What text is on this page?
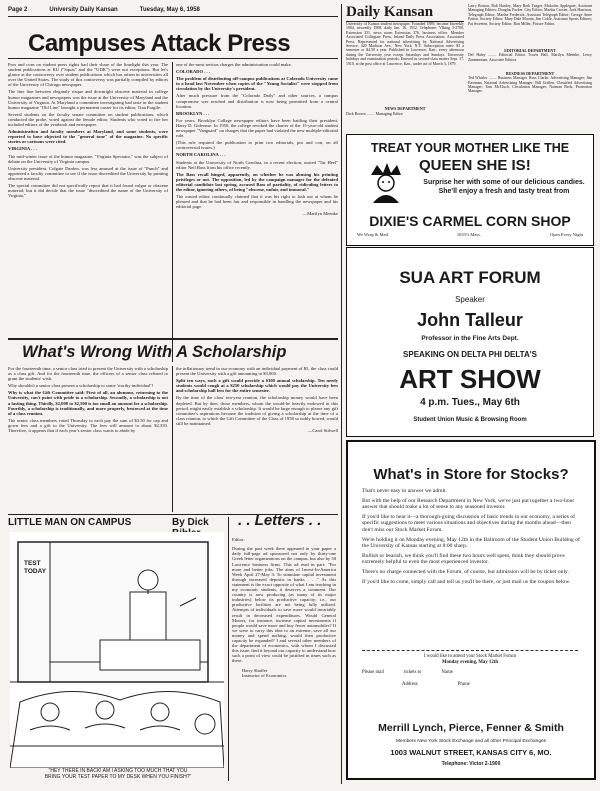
Page 2	University Daily Kansan	Tuesday, May 6, 1958
Campuses Attack Press

Pros and cons on student press rights had their share of the limelight this year. The student publications at KU ("Squat" and the "UDK") were not exceptions. But let's glance at the controversy over student publications which has arisen in universities all over the United States. The study of this controversy was partially compiled by editors of the University of Chicago newspaper.

The fine line between elegantly risque and downright obscene material in college humor magazines and newspapers was the issue at the University of Maryland and the University of Virginia. At Maryland a committee investigating bad taste in the student humor magazine "Old Line" brought a permanent ouster for its editor, Tina Fragile.

Several students on the faculty senate committee on student publications, which conducted the probe, voted against the female editor. Students who voted to fire her included editors of the yearbook and newspaper.

Administration and faculty members at Maryland, and some students, were reported to have objected to the "general tone" of the magazine. No specific stories or cartoons were cited.

VIRGINIA . . .

The mid-winter issue of the humor magazine, "Virginia Spectator," was the subject of debate on the University of Virginia campus.

University president, Colgate Darden, was less amused at the issue of "Punch" and appointed a faculty committee to see if the issue discredited the University by printing obscene material.

The special committee did not specifically report that it had found vulgar or obscene material; but it did decide that the issue "discredited the name of the University of Virginia,"

one of the most serious charges the administration could make.

COLORADO . . .

The problem of distributing off-campus publications at Colorado University came to a head last November when copies of the "Young Socialist" were stopped from circulation by the University's president.

After much pressure from the "Colorado Daily" and other sources, a campus compromise was reached and distribution is now being permitted from a central location.

BROOKLYN . . .

For years, Brooklyn College newspaper editors have been battling their president, Harry D. Gideonse. In 1950, the college revoked the charter of the 15-year-old student newspaper "Vanguard" on charges that the paper had violated the new multiple-editorial rule.

(This rule required the publication to print two editorials, pro and con, on all controversial issues.)

NORTH CAROLINA . . .

Students at the University of North Carolina, in a recent election, ousted "Tar Heel" editor Neil Bass from his office recently.

The Bass recall hinged, apparently, on whether he was abusing his printing privileges or not. The opposition, led by the campaign manager for the defeated editorial candidate last spring, accused Bass of partiality, of ridiculing letters to the editor, ignoring others, of being "obscene, unfair, and immoral."

The ousted editor continually claimed that it was his right to lash out at whom he pleased and that he had been fair and responsible in handling the newspaper and his editorial page.

—Marilyn Meenke

Daily Kansan
University of Kansas student newspaper. Founded 1889, became biweekly 1904, triweekly 1908, daily Jan. 16, 1912. Telephone: VIking 3-2700, Extension 351, news room Extension 376, business office. Member Associated Collegiate Press, Inland Daily Press Association, Associated Press. Represented for national advertising by National Advertising Service, 420 Madison Ave., New York, N.Y. Subscription rates: $3 a semester or $4.50 a year. Published in Lawrence, Kan., every afternoon during the University year except Saturdays and Sundays. University holidays and examination periods. Entered as second-class matter Sept. 17, 1910, at the post office at Lawrence, Kan., under act of March 3, 1879.
NEWS DEPARTMENT
Dick Brown ........ Managing Editor
Larry Boston, Bob Hartley, Mary Beth Yeager, Malcolm Applegate, Assistant Managing Editors; Douglas Packer, City Editor; Martha Crosier, Jack Harrison, Telegraph Editor; Martha Frederick, Assistant Telegraph Editor; George Anne Patton, Society Editor; Mary Dale Morain, Jim Coble, Assistant Sports Editors; Pat Sweeten, Society Editor; Ron Miller, Picture Editor.
EDITORIAL DEPARTMENT
Del Haley ........ Editorial Editor. Travis Hall, Marilyn Meenke, Leroy Zimmerman, Associate Editors
BUSINESS DEPARTMENT
Ted Whisler ........ Business Manager. Ross Clarke, Advertising Manager; Jim Eastman, National Advertising Manager; Bill Griffen, Classified Advertising Manager; Tom McCluch, Circulation Manager; Norman Beck, Promotion Manager.
TREAT YOUR MOTHER LIKE THE
QUEEN SHE IS!
Surprise her with some of our delicious candies. She'll enjoy a fresh and tasty treat from
DIXIE'S CARMEL CORN SHOP
We Wrap & Mail	1033½ Mass.	Open Every Night
SUA ART FORUM
Speaker
John Talleur
Professor in the Fine Arts Dept.
SPEAKING ON DELTA PHI DELTA'S
ART SHOW
4 p.m. Tues., May 6th
Student Union Music & Browsing Room
What's Wrong With A Scholarship

For the fourteenth time, a senior class tried to present the University with a scholarship as a class gift. And for the fourteenth time, the officers of a senior class refused to grant the students' wish.

Why shouldn't a senior class present a scholarship to some 'worthy individual'?

Why is what the Gift Committee said: First of all, an alumnus, returning to the University, can't point with pride to a scholarship. Secondly, a scholarship is not a lasting thing. Thirdly, $2,000 to $2,500 is too small an amount for a scholarship. Fourthly, a scholarship is traditionally, and more properly, bestowed at the time of a class reunion.

The senior class members voted Thursday to each pay the sum of $3.50 for cap and gown fees and a gift to the University. The fees will amount to about $2,350. Therefore, it appears that if each year's senior class wants to abide by

the inflationary trend in our economy with an individual payment of $5, the class could present the University with a gift amounting to $3,000.

Split ten ways, such a gift would provide a $300 annual scholarship. Ten needy students would cough at a $250 scholarship which would pay the University fees and scholarship hall fees for the entire semester.

By the time of the class' ten-year reunion, the scholarship money would have been depleted. But by then, those members, whom the would-be heavily endowed in this period, might easily establish a scholarship. It would be large enough to please any gift committee's aspirations because the tradition of giving a scholarship at the time of a class reunion, to which the Gift Committee of the Class of 1958 so nobly bowed, would still be maintained.

—Carol Stilwell

LITTLE MAN ON CAMPUS	By Dick
TEST
TODAY
"HEY THERE IN BACK! AM I ASKING TOO MUCH THAT YOU
BRING YOUR TEST PAPER TO MY DESK WHEN YOU FINISH?"
. . Letters . .

Editor:

During the past week there appeared in your paper a daily full-page ad sponsored not only by thirty-one Greek letter organizations on the campus, but also by 50 Lawrence business firms. This ad read in part: "For more and better jobs. The aims of Invest-In-America Week April 27-May 3: To stimulate capital investment through increased deposits in banks . . ." As this statement is the exact opposite of what I am teaching in my economic students, it deserves a comment. Our country is now producing (as many of its major industries) below its productive capacity; i.e., our productive facilities are not being fully utilized. Attempts of individuals to save more would invariably result in decreased expenditures. Would General Motors, for instance, increase capital investments if people would save more and buy fewer automobiles? If we were to carry this idea to an extreme, save all our money and spend nothing, would then productive capacity be expanded? I and several other members of the department of economics, with whom I discussed this issue, find it beyond our capacity to understand how such a point of view could be justified in times such as these.

Harry Shaffer

Instructor of Economics

What's in Store for Stocks?

That's never easy to answer we admit.

But with the help of our Research Department in New York, we've just put together a two-hour answer that should make a lot of sense to any seasoned investor.

If you'd like to hear it—a thorough-going discussion of basic trends in our economy, a series of specific suggestions to meet various situations and objectives during the months ahead—then don't miss our Stock Market Forum.

We're holding it on Monday evening, May 12th in the Ballroom of the Student Union Building of the University of Kansas starting at 8:00 sharp.

Bullish or bearish, we think you'll find these two hours well spent, think they should prove extremely helpful to even the most experienced investor.

There's no charge connected with the Forum, of course, but admission will be by ticket only.

If you'd like to come, simply call and tell us you'll be there, or just mail us the coupon below.

I would like to attend your Stock Market Forum
Monday evening, May 12th
Please mail	tickets to	Name
Address	Phone
Merrill Lynch, Pierce, Fenner & Smith
Members New York Stock Exchange and all other Principal Exchanges
1003 WALNUT STREET, KANSAS CITY 6, MO.
Telephone: Victor 2-1900
